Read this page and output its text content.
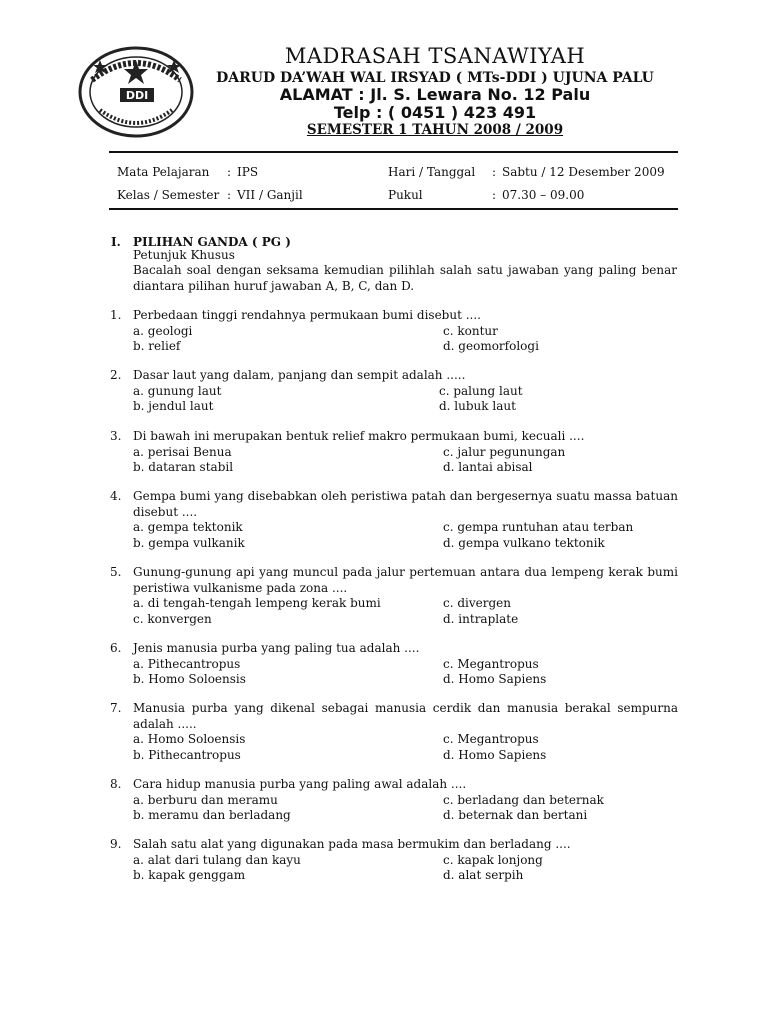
DDI
MADRASAH TSANAWIYAH
DARUD DA’WAH WAL IRSYAD ( MTs-DDI ) UJUNA PALU
ALAMAT : Jl. S. Lewara No. 12 Palu
Telp : ( 0451 ) 423 491
SEMESTER 1 TAHUN 2008 / 2009
Mata Pelajaran : IPS	Hari / Tanggal : Sabtu / 12 Desember 2009
Kelas / Semester : VII / Ganjil	Pukul	: 07.30 – 09.00
I. PILIHAN GANDA ( PG )
Petunjuk Khusus
Bacalah soal dengan seksama kemudian pilihlah salah satu jawaban yang paling benar diantara pilihan huruf jawaban A, B, C, dan D.
1. Perbedaan tinggi rendahnya permukaan bumi disebut ....
a. geologi	c. kontur
b. relief	d. geomorfologi
2. Dasar laut yang dalam, panjang dan sempit adalah .....
a. gunung laut	c. palung laut
b. jendul laut	d. lubuk laut
3. Di bawah ini merupakan bentuk relief makro permukaan bumi, kecuali ....
a. perisai Benua	c. jalur pegunungan
b. dataran stabil	d. lantai abisal
4. Gempa bumi yang disebabkan oleh peristiwa patah dan bergesernya suatu massa batuan disebut ....
a. gempa tektonik	c. gempa runtuhan atau terban
b. gempa vulkanik	d. gempa vulkano tektonik
5. Gunung-gunung api yang muncul pada jalur pertemuan antara dua lempeng kerak bumi peristiwa vulkanisme pada zona ....
a. di tengah-tengah lempeng kerak bumi	c. divergen
c. konvergen	d. intraplate
6. Jenis manusia purba yang paling tua adalah ....
a. Pithecantropus	c. Megantropus
b. Homo Soloensis	d. Homo Sapiens
7. Manusia purba yang dikenal sebagai manusia cerdik dan manusia berakal sempurna adalah .....
a. Homo Soloensis	c. Megantropus
b. Pithecantropus	d. Homo Sapiens
8. Cara hidup manusia purba yang paling awal adalah ....
a. berburu dan meramu	c. berladang dan beternak
b. meramu dan berladang	d. beternak dan bertani
9. Salah satu alat yang digunakan pada masa bermukim dan berladang ....
a. alat dari tulang dan kayu	c. kapak lonjong
b. kapak genggam	d. alat serpih
